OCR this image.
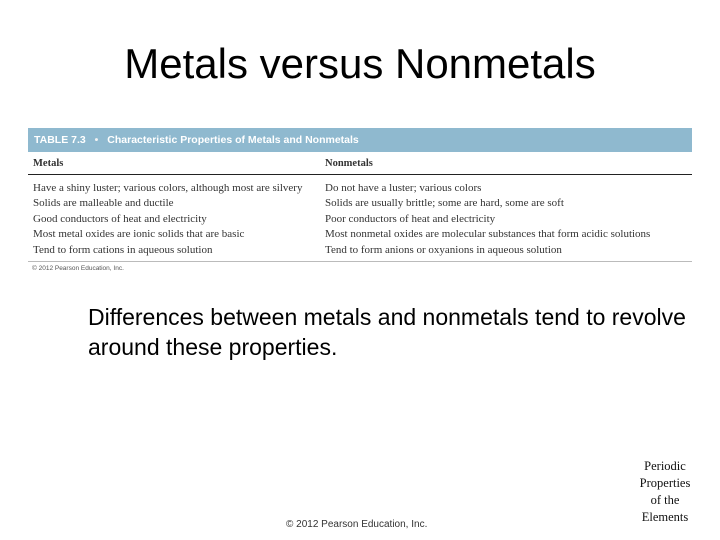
Metals versus Nonmetals
TABLE 7.3 • Characteristic Properties of Metals and Nonmetals
Metals	Nonmetals
Have a shiny luster; various colors, although most are silvery	Do not have a luster; various colors
Solids are malleable and ductile	Solids are usually brittle; some are hard, some are soft
Good conductors of heat and electricity	Poor conductors of heat and electricity
Most metal oxides are ionic solids that are basic	Most nonmetal oxides are molecular substances that form acidic solutions
Tend to form cations in aqueous solution	Tend to form anions or oxyanions in aqueous solution
© 2012 Pearson Education, Inc.
Differences between metals and nonmetals tend to revolve around these properties.
© 2012 Pearson Education, Inc.
Periodic
Properties
of the
Elements
